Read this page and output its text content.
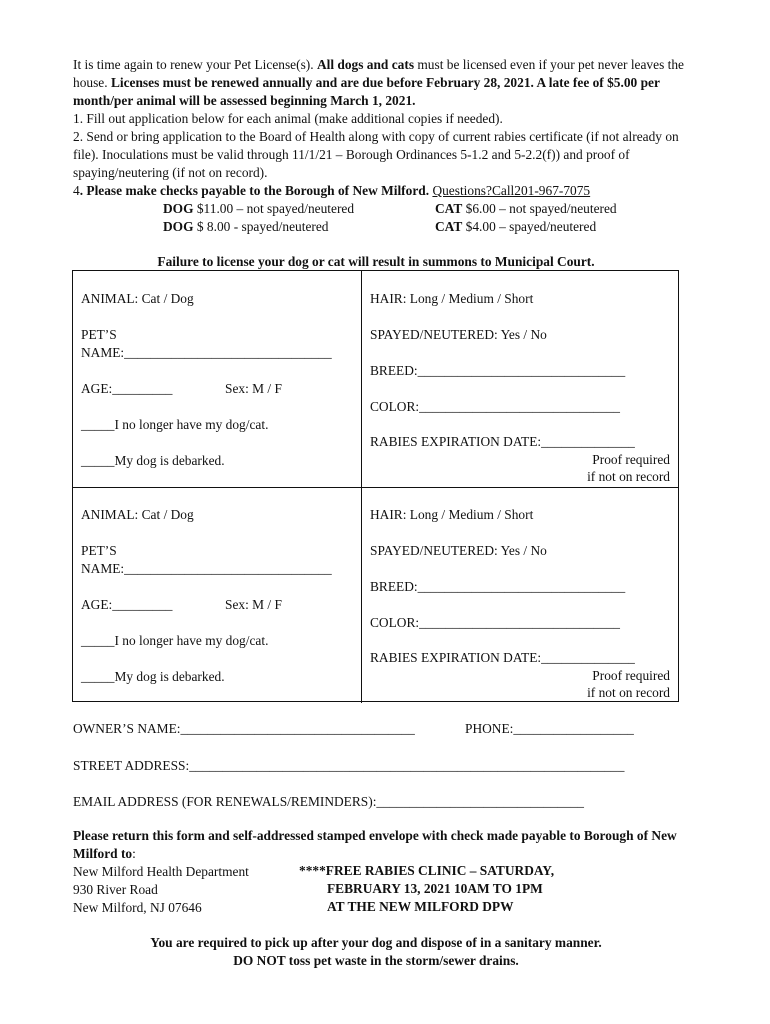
It is time again to renew your Pet License(s). All dogs and cats must be licensed even if your pet never leaves the house. Licenses must be renewed annually and are due before February 28, 2021. A late fee of $5.00 per month/per animal will be assessed beginning March 1, 2021.

1. Fill out application below for each animal (make additional copies if needed).

2. Send or bring application to the Board of Health along with copy of current rabies certificate (if not already on file). Inoculations must be valid through 11/1/21 – Borough Ordinances 5-1.2 and 5-2.2(f)) and proof of spaying/neutering (if not on record).

4. Please make checks payable to the Borough of New Milford. Questions?Call201-967-7075

DOG $11.00 – not spayed/neutered
DOG $ 8.00 - spayed/neutered
CAT $6.00 – not spayed/neutered
CAT $4.00 – spayed/neutered
Failure to license your dog or cat will result in summons to Municipal Court.
ANIMAL: Cat / Dog
PET’S
NAME:_______________________________
AGE:_________	Sex: M / F
_____I no longer have my dog/cat.
_____My dog is debarked.
HAIR: Long / Medium / Short
SPAYED/NEUTERED: Yes / No
BREED:_______________________________
COLOR:______________________________
RABIES EXPIRATION DATE:______________
Proof required
if not on record
ANIMAL: Cat / Dog
PET’S
NAME:_______________________________
AGE:_________	Sex: M / F
_____I no longer have my dog/cat.
_____My dog is debarked.
HAIR: Long / Medium / Short
SPAYED/NEUTERED: Yes / No
BREED:_______________________________
COLOR:______________________________
RABIES EXPIRATION DATE:______________
Proof required
if not on record
OWNER’S NAME:___________________________________	PHONE:__________________
STREET ADDRESS:_________________________________________________________________
EMAIL ADDRESS (FOR RENEWALS/REMINDERS):_______________________________
Please return this form and self-addressed stamped envelope with check made payable to Borough of New Milford to:
New Milford Health Department
930 River Road
New Milford, NJ 07646
****FREE RABIES CLINIC – SATURDAY,
FEBRUARY 13, 2021 10AM TO 1PM
AT THE NEW MILFORD DPW
You are required to pick up after your dog and dispose of in a sanitary manner.
DO NOT toss pet waste in the storm/sewer drains.
